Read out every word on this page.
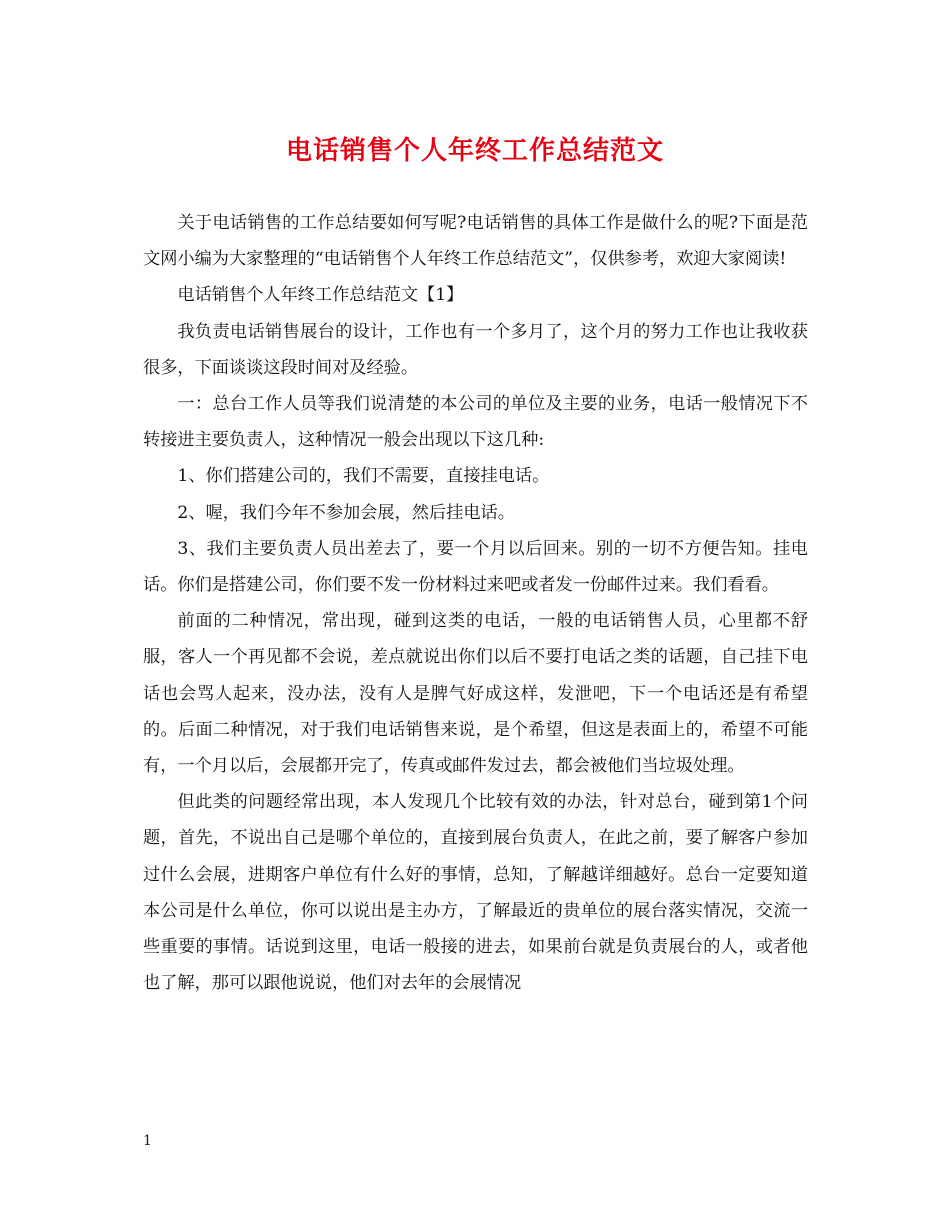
电话销售个人年终工作总结范文

关于电话销售的工作总结要如何写呢?电话销售的具体工作是做什么的呢?下面是范文网小编为大家整理的“电话销售个人年终工作总结范文”，仅供参考，欢迎大家阅读!

电话销售个人年终工作总结范文【1】

我负责电话销售展台的设计，工作也有一个多月了，这个月的努力工作也让我收获很多，下面谈谈这段时间对及经验。

一：总台工作人员等我们说清楚的本公司的单位及主要的业务，电话一般情况下不转接进主要负责人，这种情况一般会出现以下这几种:

1、你们搭建公司的，我们不需要，直接挂电话。

2、喔，我们今年不参加会展，然后挂电话。

3、我们主要负责人员出差去了，要一个月以后回来。别的一切不方便告知。挂电话。你们是搭建公司，你们要不发一份材料过来吧或者发一份邮件过来。我们看看。

前面的二种情况，常出现，碰到这类的电话，一般的电话销售人员，心里都不舒服，客人一个再见都不会说，差点就说出你们以后不要打电话之类的话题，自己挂下电话也会骂人起来，没办法，没有人是脾气好成这样，发泄吧，下一个电话还是有希望的。后面二种情况，对于我们电话销售来说，是个希望，但这是表面上的，希望不可能有，一个月以后，会展都开完了，传真或邮件发过去，都会被他们当垃圾处理。

但此类的问题经常出现，本人发现几个比较有效的办法，针对总台，碰到第1个问题，首先，不说出自己是哪个单位的，直接到展台负责人，在此之前，要了解客户参加过什么会展，进期客户单位有什么好的事情，总知，了解越详细越好。总台一定要知道本公司是什么单位，你可以说出是主办方，了解最近的贵单位的展台落实情况，交流一些重要的事情。话说到这里，电话一般接的进去，如果前台就是负责展台的人，或者他也了解，那可以跟他说说，他们对去年的会展情况

1
